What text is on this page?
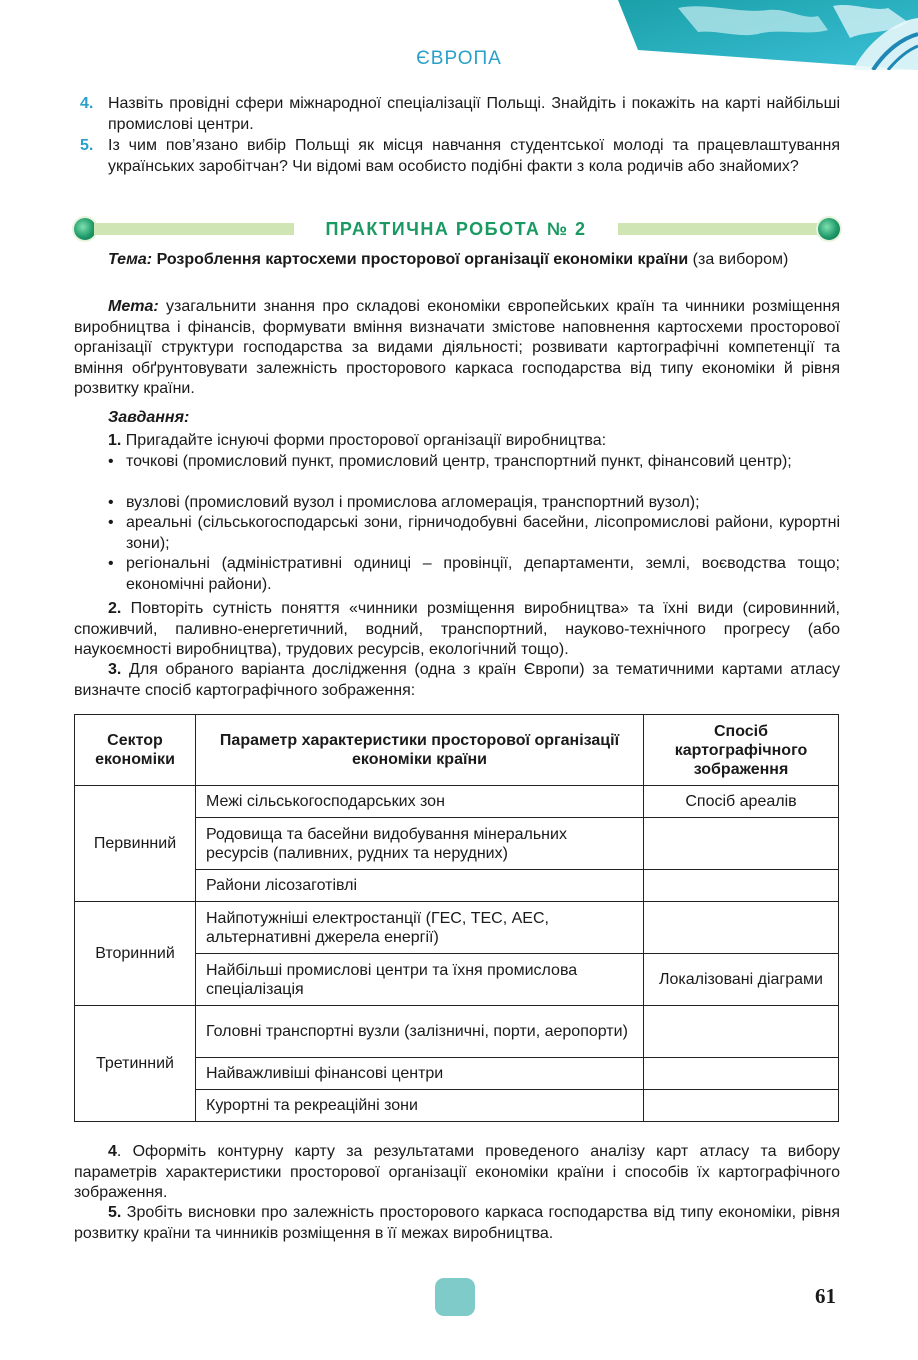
ЄВРОПА
4. Назвіть провідні сфери міжнародної спеціалізації Польщі. Знайдіть і покажіть на карті найбільші промислові центри.
5. Із чим пов’язано вибір Польщі як місця навчання студентської молоді та працевлаштування українських заробітчан? Чи відомі вам особисто подібні факти з кола родичів або знайомих?
ПРАКТИЧНА РОБОТА № 2
Тема: Розроблення картосхеми просторової організації економіки країни (за вибором)
Мета: узагальнити знання про складові економіки європейських країн та чинники розміщення виробництва і фінансів, формувати вміння визначати змістове наповнення картосхеми просторової організації структури господарства за видами діяльності; розвивати картографічні компетенції та вміння обґрунтовувати залежність просторового каркаса господарства від типу економіки й рівня розвитку країни.
Завдання:
1. Пригадайте існуючі форми просторової організації виробництва:
• точкові (промисловий пункт, промисловий центр, транспортний пункт, фінансовий центр);
• вузлові (промисловий вузол і промислова агломерація, транспортний вузол);
• ареальні (сільськогосподарські зони, гірничодобувні басейни, лісопромислові райони, курортні зони);
• регіональні (адміністративні одиниці – провінції, департаменти, землі, воєводства тощо; економічні райони).
2. Повторіть сутність поняття «чинники розміщення виробництва» та їхні види (сировинний, споживчий, паливно-енергетичний, водний, транспортний, науково-технічного прогресу (або наукоємності виробництва), трудових ресурсів, екологічний тощо).
3. Для обраного варіанта дослідження (одна з країн Європи) за тематичними картами атласу визначте спосіб картографічного зображення:
Сектор економіки	Параметр характеристики просторової організації економіки країни	Спосіб картографічного зображення
Первинний	Межі сільськогосподарських зон	Спосіб ареалів
	Родовища та басейни видобування мінеральних ресурсів (паливних, рудних та нерудних)	
	Райони лісозаготівлі	
Вторинний	Найпотужніші електростанції (ГЕС, ТЕС, АЕС, альтернативні джерела енергії)	
	Найбільші промислові центри та їхня промислова спеціалізація	Локалізовані діаграми
Третинний	Головні транспортні вузли (залізничні, порти, аеропорти)	
	Найважливіші фінансові центри	
	Курортні та рекреаційні зони	
4. Оформіть контурну карту за результатами проведеного аналізу карт атласу та вибору параметрів характеристики просторової організації економіки країни і способів їх картографічного зображення.
5. Зробіть висновки про залежність просторового каркаса господарства від типу економіки, рівня розвитку країни та чинників розміщення в її межах виробництва.
61
